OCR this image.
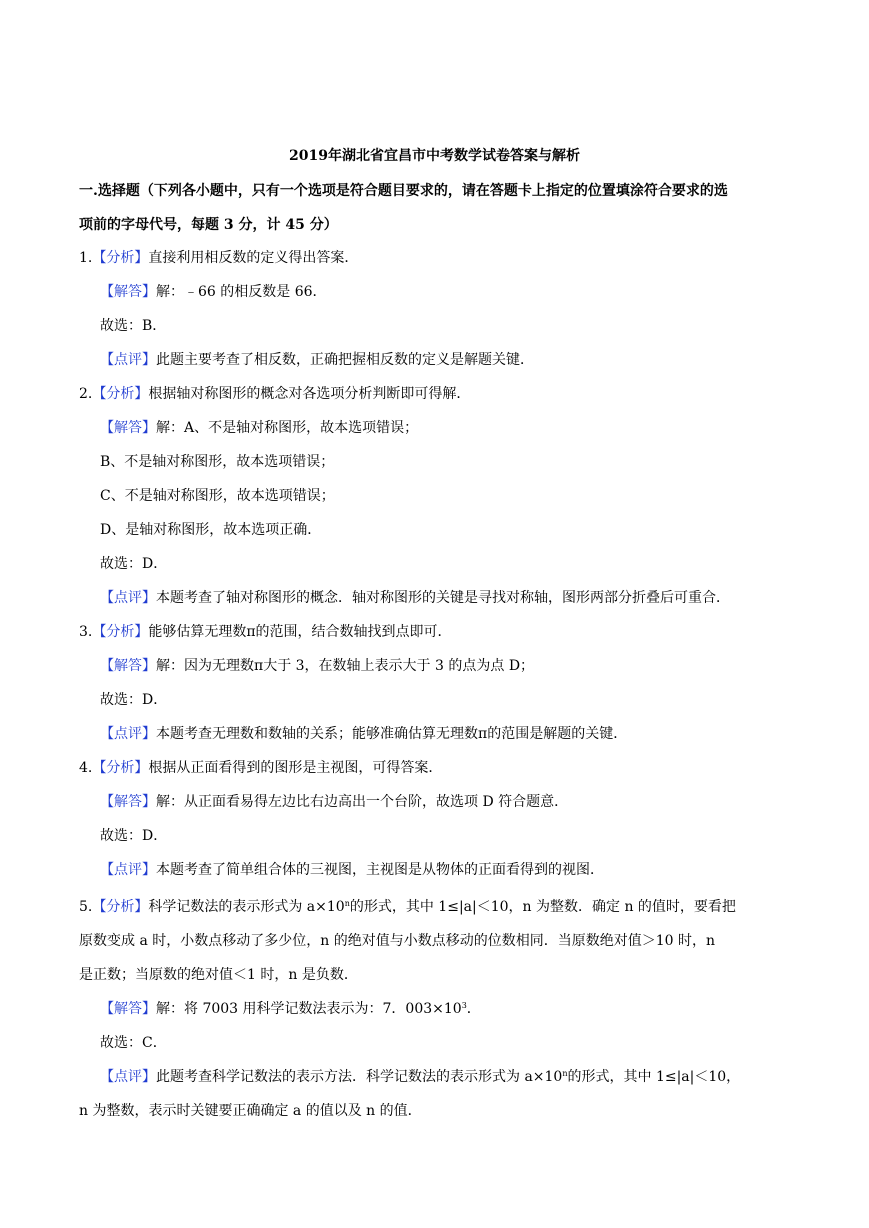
2019年湖北省宜昌市中考数学试卷答案与解析
一.选择题（下列各小题中，只有一个选项是符合题目要求的，请在答题卡上指定的位置填涂符合要求的选
项前的字母代号，每题 3 分，计 45 分）
1.【分析】直接利用相反数的定义得出答案．
【解答】解：﹣66 的相反数是 66．
故选：B．
【点评】此题主要考查了相反数，正确把握相反数的定义是解题关键．
2.【分析】根据轴对称图形的概念对各选项分析判断即可得解．
【解答】解：A、不是轴对称图形，故本选项错误；
B、不是轴对称图形，故本选项错误；
C、不是轴对称图形，故本选项错误；
D、是轴对称图形，故本选项正确．
故选：D．
【点评】本题考查了轴对称图形的概念．轴对称图形的关键是寻找对称轴，图形两部分折叠后可重合．
3.【分析】能够估算无理数π的范围，结合数轴找到点即可．
【解答】解：因为无理数π大于 3，在数轴上表示大于 3 的点为点 D；
故选：D．
【点评】本题考查无理数和数轴的关系；能够准确估算无理数π的范围是解题的关键．
4.【分析】根据从正面看得到的图形是主视图，可得答案．
【解答】解：从正面看易得左边比右边高出一个台阶，故选项 D 符合题意．
故选：D．
【点评】本题考查了简单组合体的三视图，主视图是从物体的正面看得到的视图．
5.【分析】科学记数法的表示形式为 $a\times 10^n$的形式，其中 1≤|a|＜10，n 为整数．确定 n 的值时，要看把
原数变成 a 时，小数点移动了多少位，n 的绝对值与小数点移动的位数相同．当原数绝对值＞10 时，n
是正数；当原数的绝对值＜1 时，n 是负数．
【解答】解：将 7003 用科学记数法表示为：7．$003\times 10^3$．
故选：C．
【点评】此题考查科学记数法的表示方法．科学记数法的表示形式为 $a\times 10^n$的形式，其中 1≤|a|＜10，
n 为整数，表示时关键要正确确定 a 的值以及 n 的值．
